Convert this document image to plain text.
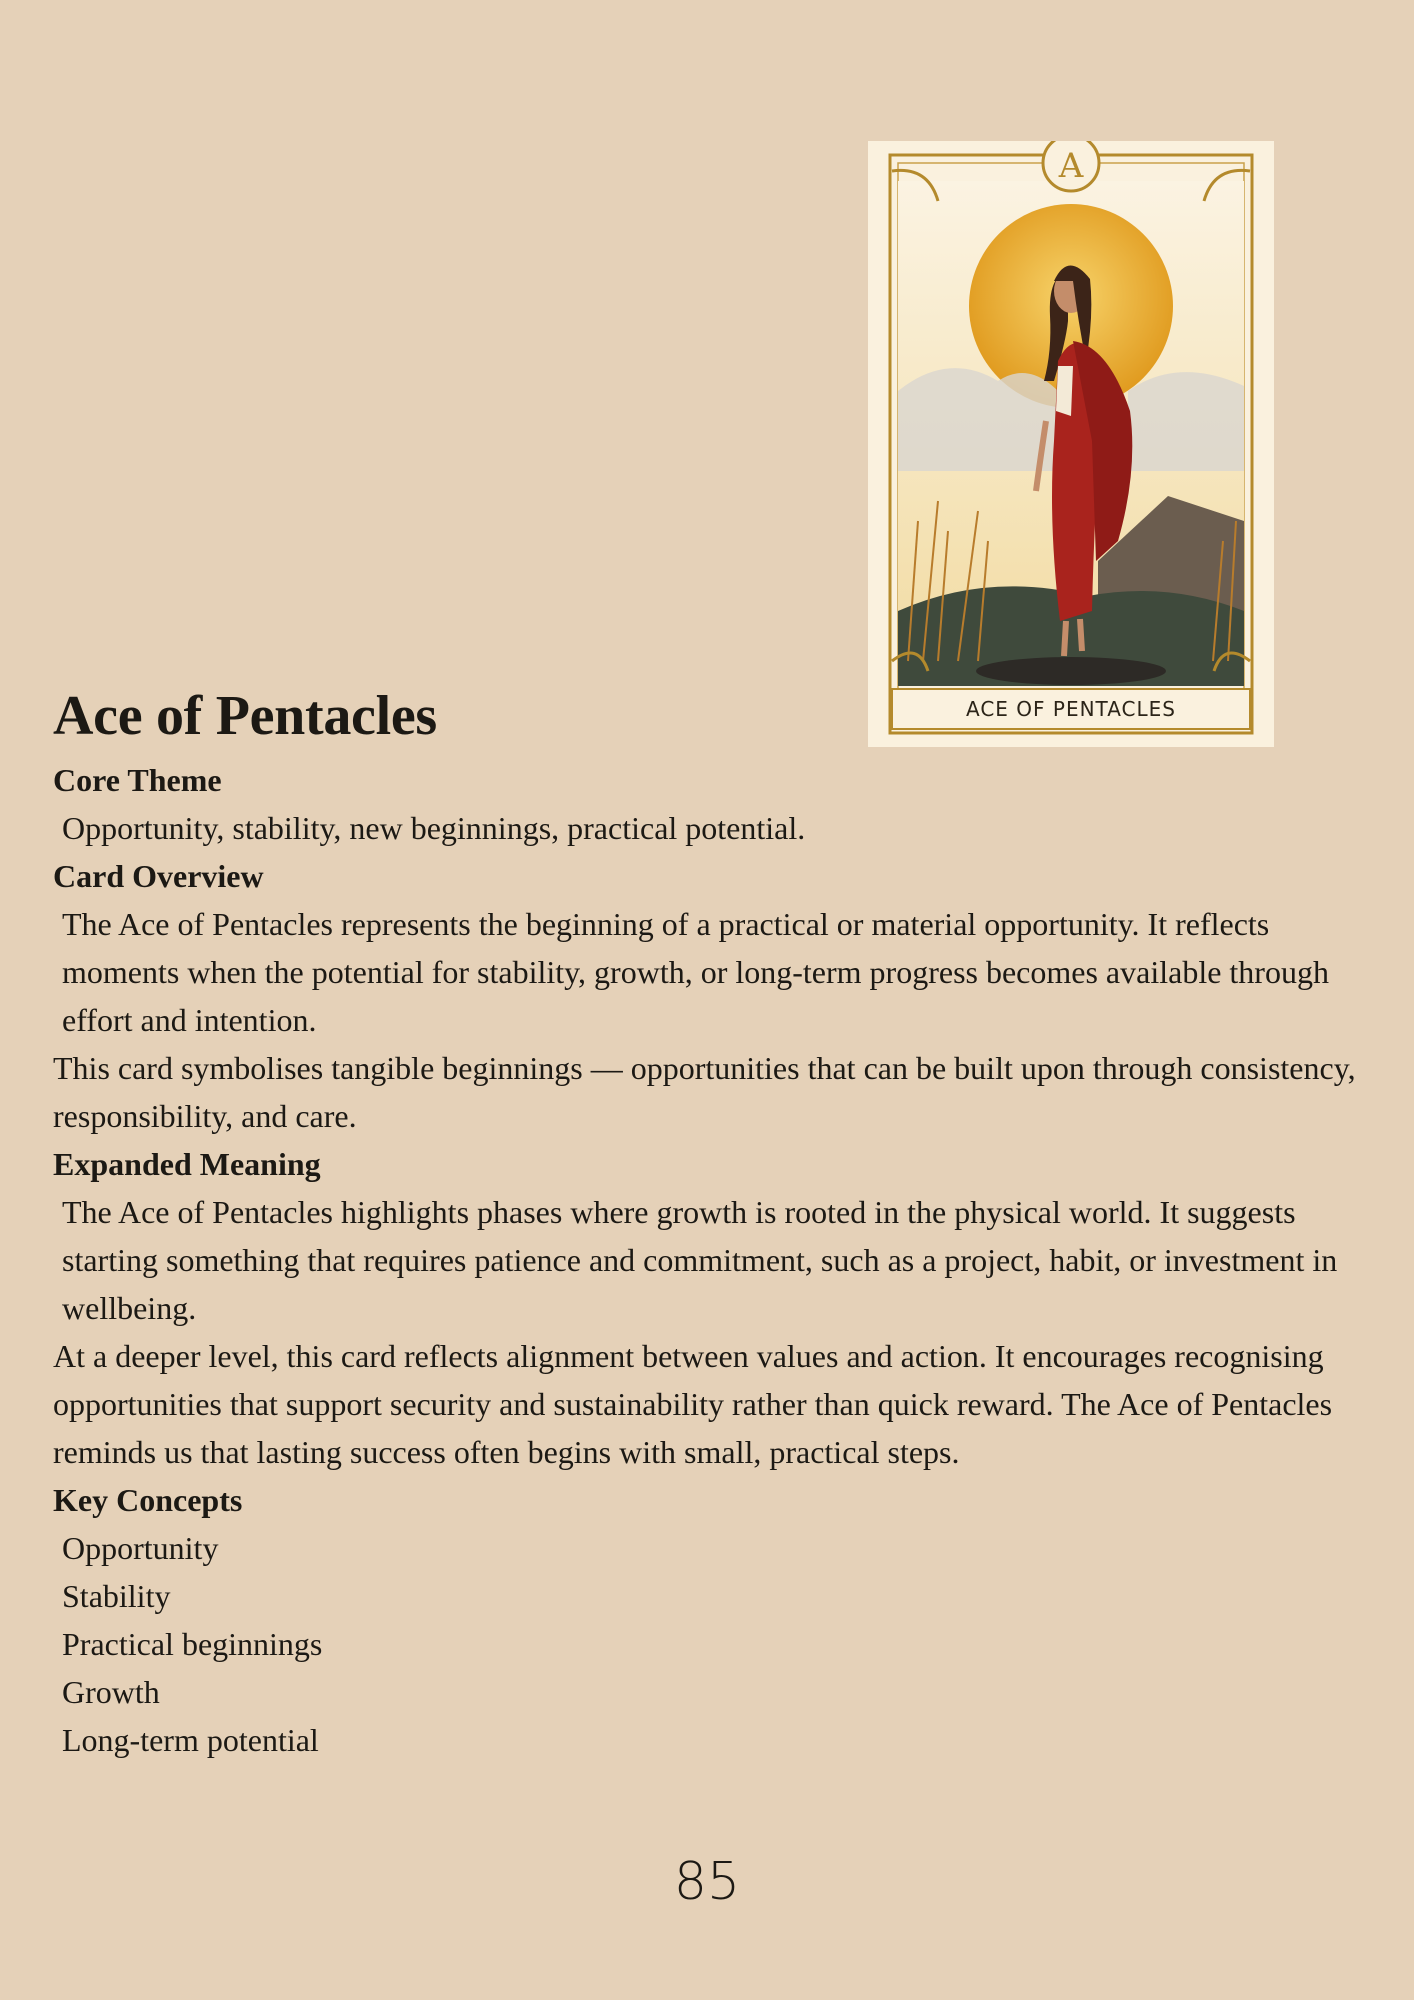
A
ACE OF PENTACLES
Ace of Pentacles

Core Theme

Opportunity, stability, new beginnings, practical potential.

Card Overview

The Ace of Pentacles represents the beginning of a practical or material opportunity. It reflects moments when the potential for stability, growth, or long-term progress becomes available through effort and intention.

This card symbolises tangible beginnings — opportunities that can be built upon through consistency, responsibility, and care.

Expanded Meaning

The Ace of Pentacles highlights phases where growth is rooted in the physical world. It suggests starting something that requires patience and commitment, such as a project, habit, or investment in wellbeing.

At a deeper level, this card reflects alignment between values and action. It encourages recognising opportunities that support security and sustainability rather than quick reward. The Ace of Pentacles reminds us that lasting success often begins with small, practical steps.

Key Concepts

Opportunity
Stability
Practical beginnings
Growth
Long-term potential
85
